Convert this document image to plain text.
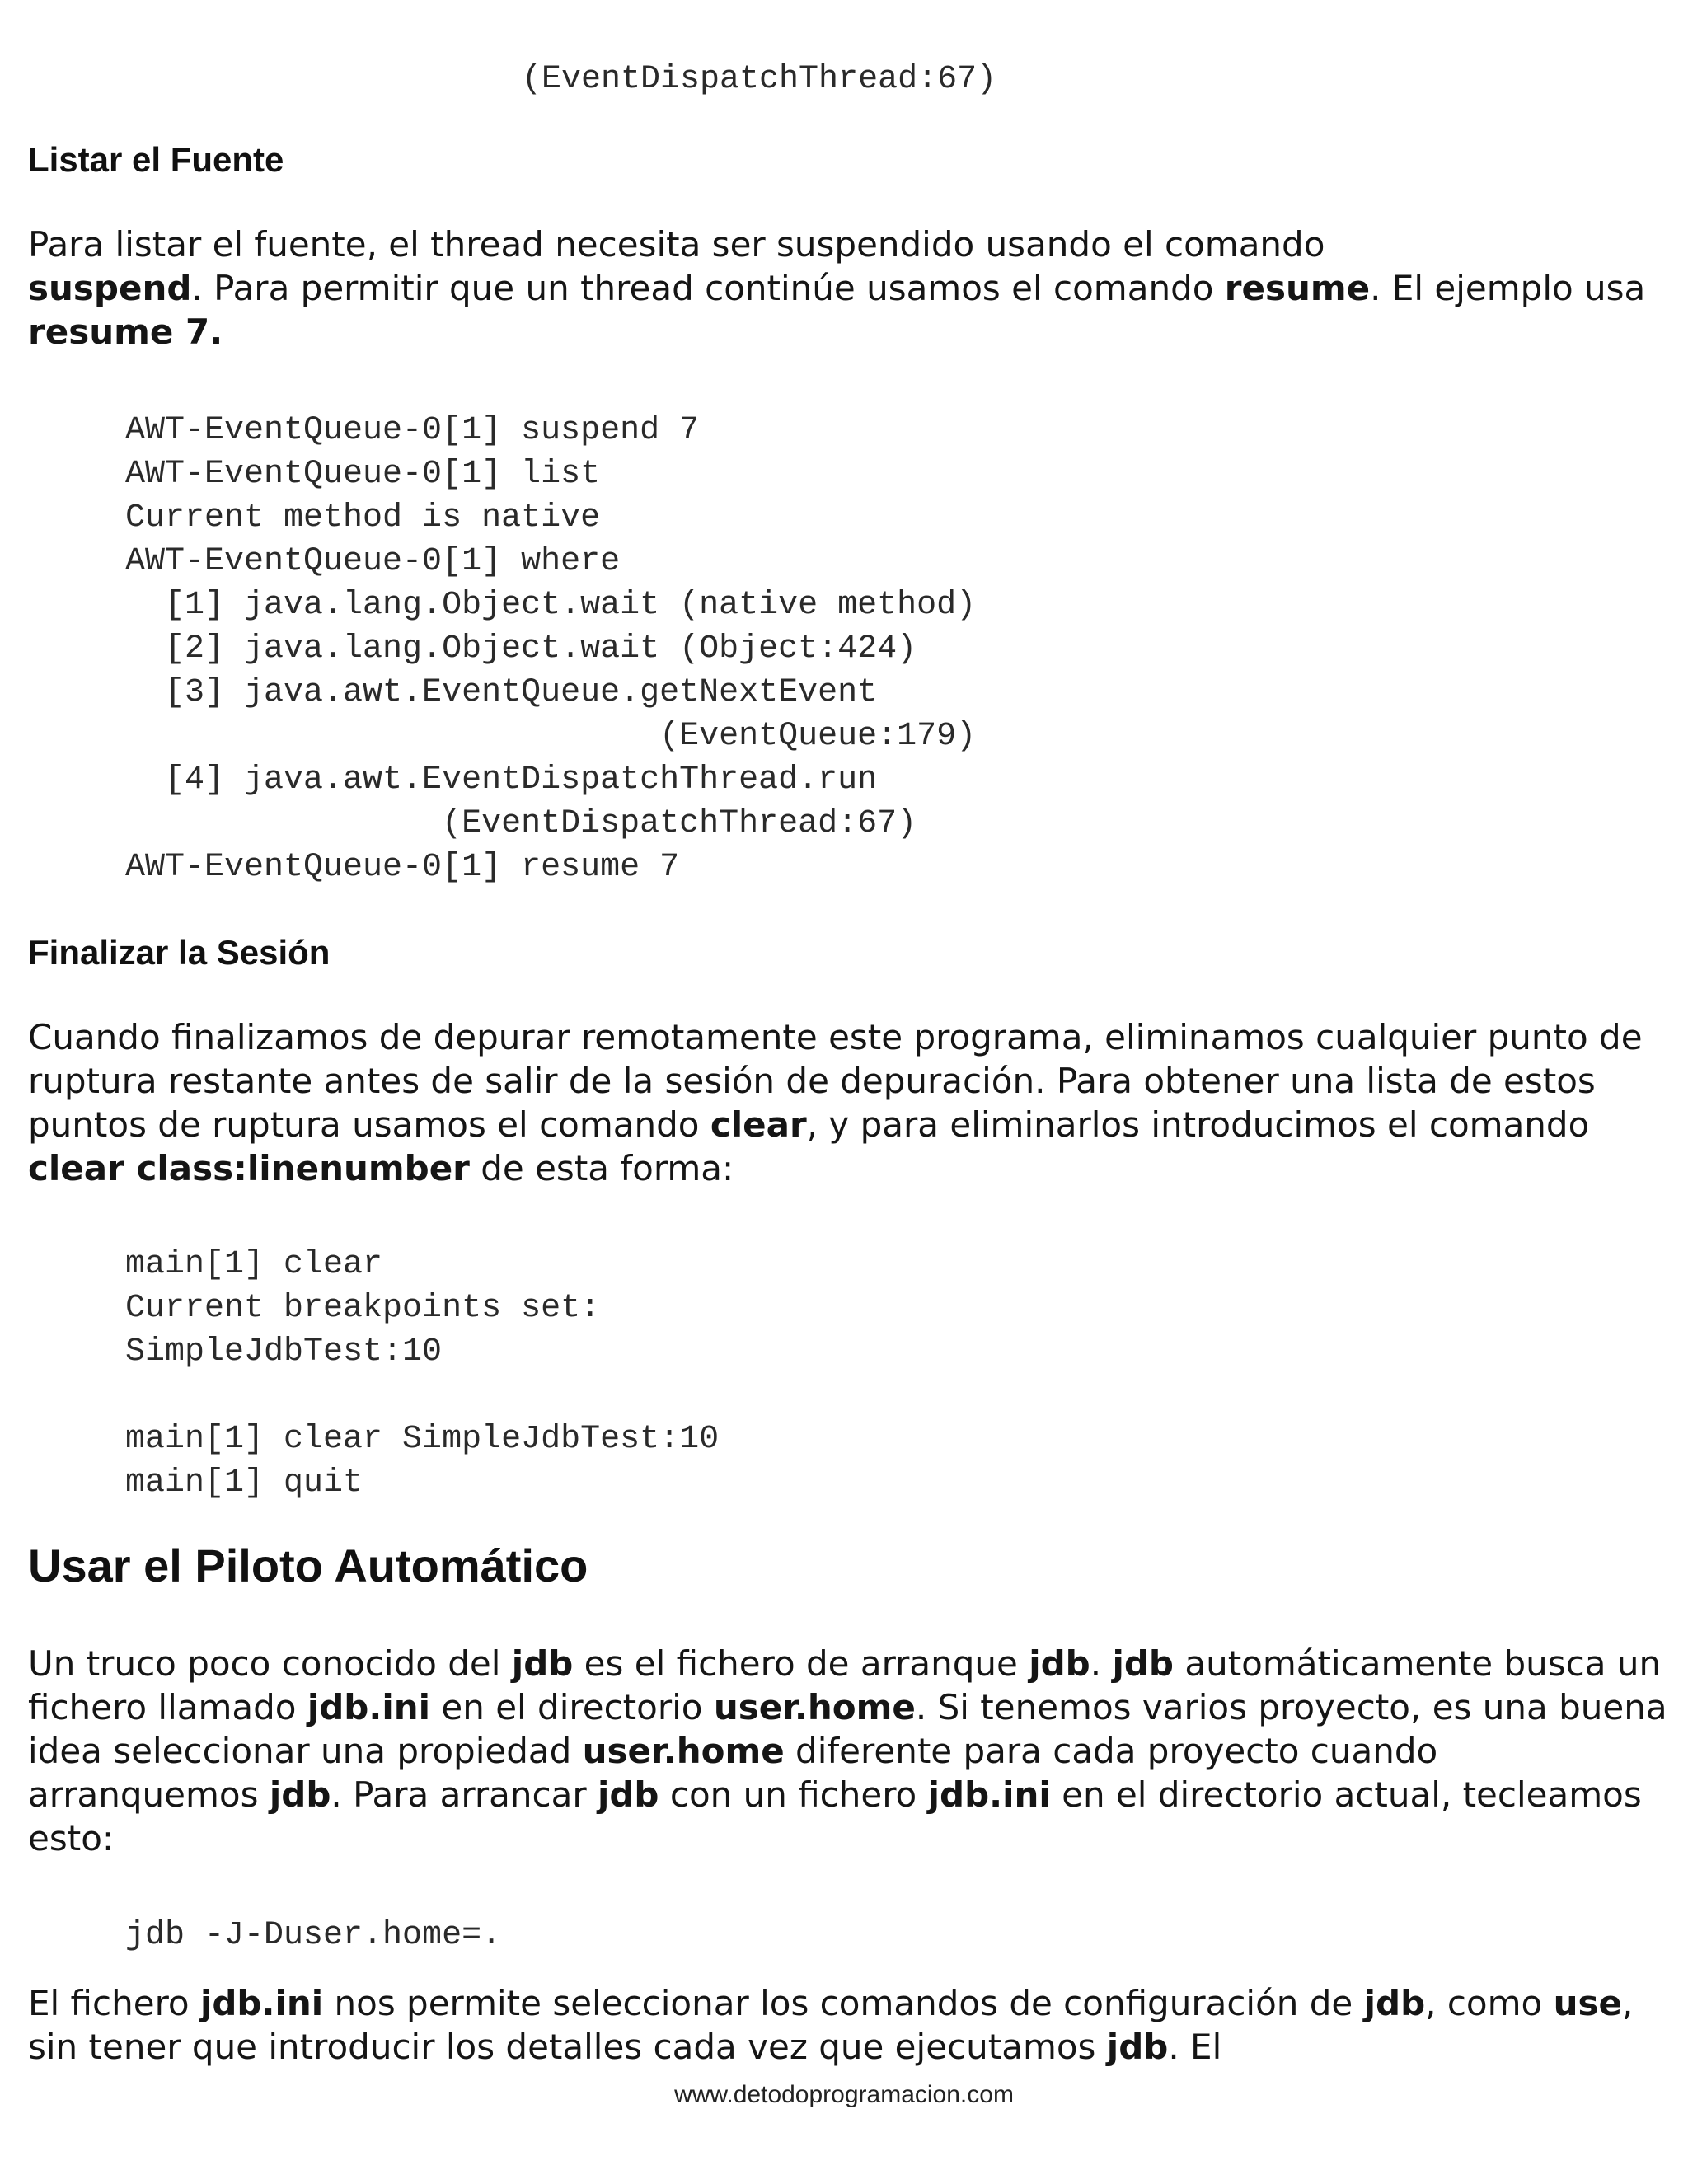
(EventDispatchThread:67)
Listar el Fuente

Para listar el fuente, el thread necesita ser suspendido usando el comando
suspend. Para permitir que un thread continúe usamos el comando resume. El ejemplo usa resume 7.

AWT-EventQueue-0[1] suspend 7
AWT-EventQueue-0[1] list
Current method is native
AWT-EventQueue-0[1] where
[1] java.lang.Object.wait (native method)
[2] java.lang.Object.wait (Object:424)
[3] java.awt.EventQueue.getNextEvent
(EventQueue:179)
[4] java.awt.EventDispatchThread.run
(EventDispatchThread:67)
AWT-EventQueue-0[1] resume 7
Finalizar la Sesión

Cuando finalizamos de depurar remotamente este programa, eliminamos cualquier punto de ruptura restante antes de salir de la sesión de depuración. Para obtener una lista de estos puntos de ruptura usamos el comando clear, y para eliminarlos introducimos el comando clear class:linenumber de esta forma:

main[1] clear
Current breakpoints set:
SimpleJdbTest:10

main[1] clear SimpleJdbTest:10
main[1] quit
Usar el Piloto Automático

Un truco poco conocido del jdb es el fichero de arranque jdb. jdb automáticamente busca un fichero llamado jdb.ini en el directorio user.home. Si tenemos varios proyecto, es una buena idea seleccionar una propiedad user.home diferente para cada proyecto cuando arranquemos jdb. Para arrancar jdb con un fichero jdb.ini en el directorio actual, tecleamos esto:

jdb -J-Duser.home=.

El fichero jdb.ini nos permite seleccionar los comandos de configuración de jdb, como use, sin tener que introducir los detalles cada vez que ejecutamos jdb. El

www.detodoprogramacion.com
